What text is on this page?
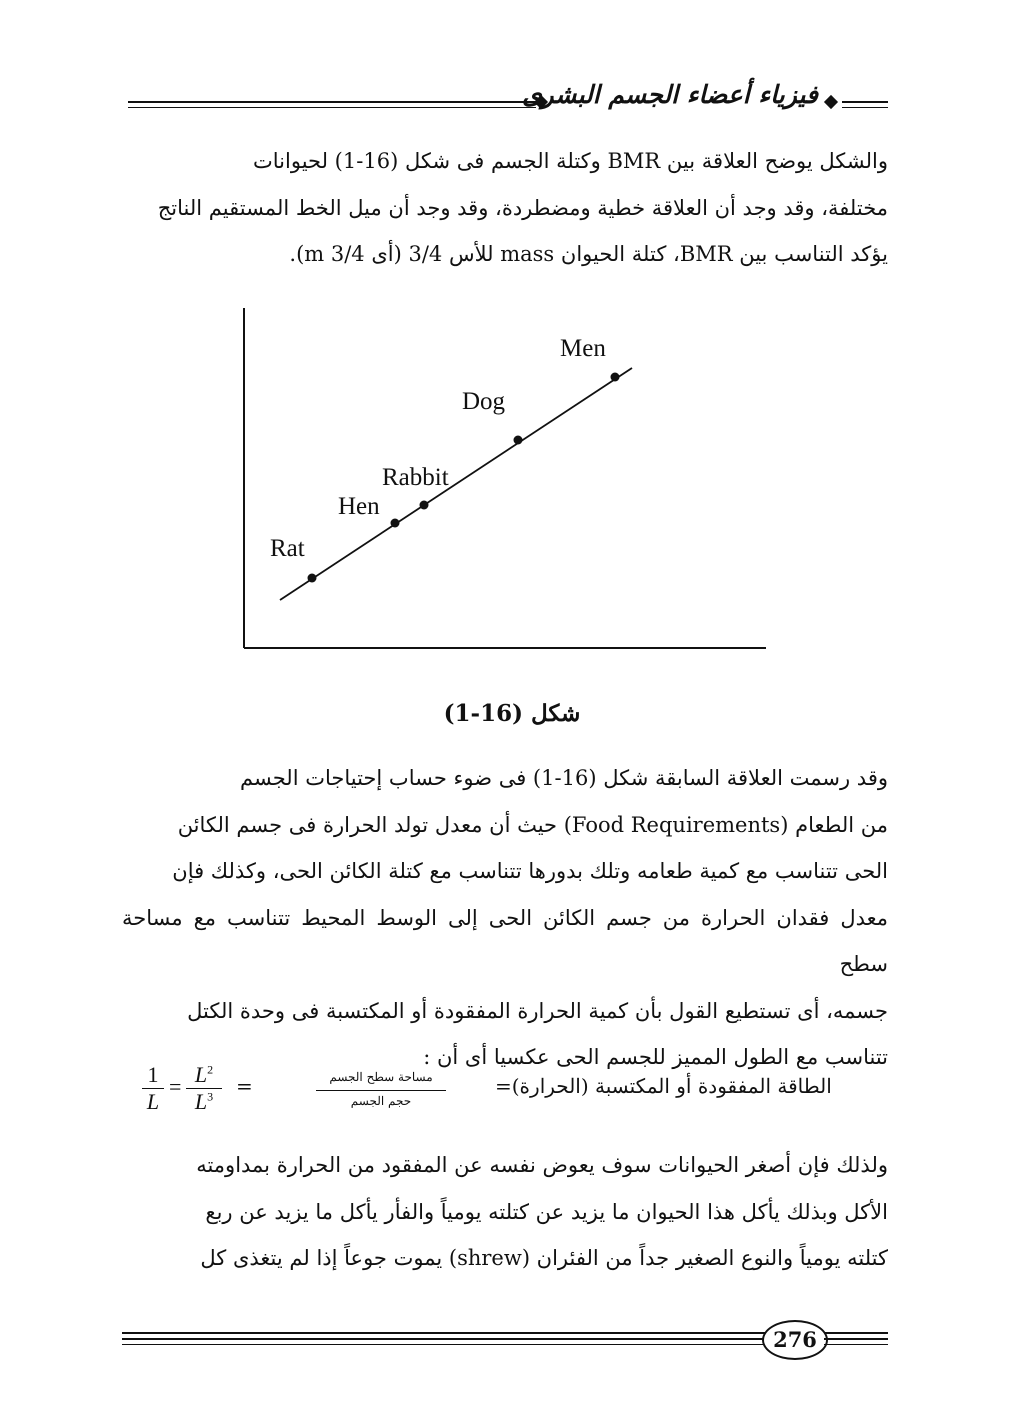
فيزياء أعضاء الجسم البشرى

والشكل يوضح العلاقة بين BMR وكتلة الجسم فى شكل (16-1) لحيوانات

مختلفة، وقد وجد أن العلاقة خطية ومضطردة، وقد وجد أن ميل الخط المستقيم الناتج

يؤكد التناسب بين BMR، كتلة الحيوان mass للأس 3/4 (أى m 3/4).

Rat
Hen
Rabbit
Dog
Men
شكل (16-1)

وقد رسمت العلاقة السابقة شكل (16-1) فى ضوء حساب إحتياجات الجسم

من الطعام (Food Requirements) حيث أن معدل تولد الحرارة فى جسم الكائن

الحى تتناسب مع كمية طعامه وتلك بدورها تتناسب مع كتلة الكائن الحى، وكذلك فإن

معدل فقدان الحرارة من جسم الكائن الحى إلى الوسط المحيط تتناسب مع مساحة سطح

جسمه، أى تستطيع القول بأن كمية الحرارة المفقودة أو المكتسبة فى وحدة الكتل

تتناسب مع الطول المميز للجسم الحى عكسيا أى أن :

الطاقة المفقودة أو المكتسبة (الحرارة)=
مساحة سطح الجسم
حجم الجسم
=
1
L
= $L^2$
$L^3$

ولذلك فإن أصغر الحيوانات سوف يعوض نفسه عن المفقود من الحرارة بمداومته

الأكل وبذلك يأكل هذا الحيوان ما يزيد عن كتلته يومياً والفأر يأكل ما يزيد عن ربع

كتلته يومياً والنوع الصغير جداً من الفئران (shrew) يموت جوعاً إذا لم يتغذى كل

276
